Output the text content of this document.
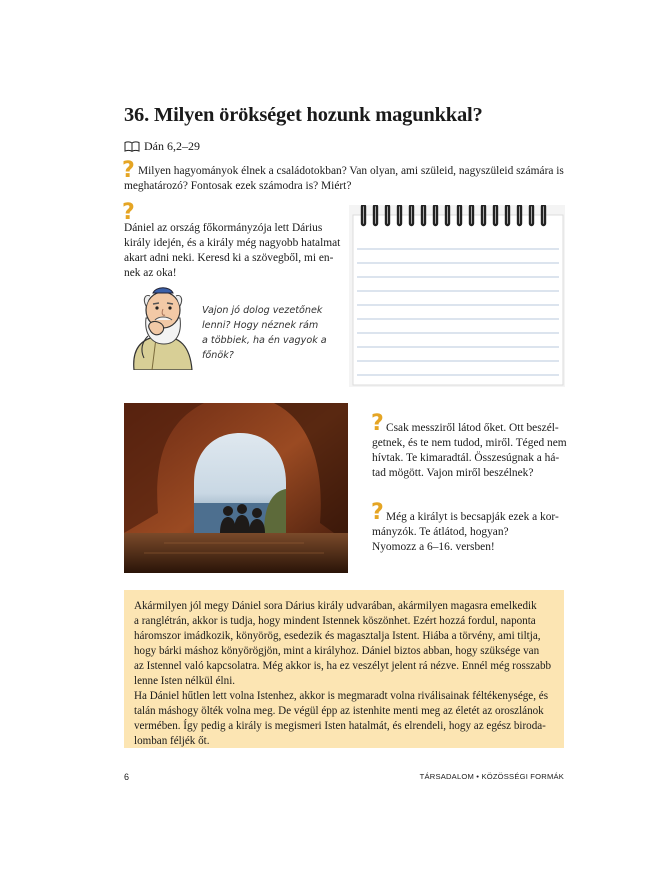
36. Milyen örökséget hozunk magunkkal?
Dán 6,2–29
? Milyen hagyományok élnek a családotokban? Van olyan, ami szüleid, nagyszüleid számára is
meghatározó? Fontosak ezek számodra is? Miért?
?
Dániel az ország főkormányzója lett Dárius
király idején, és a király még nagyobb hatalmat
akart adni neki. Keresd ki a szövegből, mi en-
nek az oka!
Vajon jó dolog vezetőnek
lenni? Hogy néznek rám
a többiek, ha én vagyok a
főnök?
? Csak messziről látod őket. Ott beszél-
getnek, és te nem tudod, miről. Téged nem
hívtak. Te kimaradtál. Összesúgnak a há-
tad mögött. Vajon miről beszélnek?
? Még a királyt is becsapják ezek a kor-
mányzók. Te átlátod, hogyan?
Nyomozz a 6–16. versben!

Akármilyen jól megy Dániel sora Dárius király udvarában, akármilyen magasra emelkedik
a ranglétrán, akkor is tudja, hogy mindent Istennek köszönhet. Ezért hozzá fordul, naponta
háromszor imádkozik, könyörög, esedezik és magasztalja Istent. Hiába a törvény, ami tiltja,
hogy bárki máshoz könyörögjön, mint a királyhoz. Dániel biztos abban, hogy szüksége van
az Istennel való kapcsolatra. Még akkor is, ha ez veszélyt jelent rá nézve. Ennél még rosszabb
lenne Isten nélkül élni.
Ha Dániel hűtlen lett volna Istenhez, akkor is megmaradt volna riválisainak féltékenysége, és
talán máshogy ölték volna meg. De végül épp az istenhite menti meg az életét az oroszlánok
vermében. Így pedig a király is megismeri Isten hatalmát, és elrendeli, hogy az egész biroda-
lomban féljék őt.

6	TÁRSADALOM • KÖZÖSSÉGI FORMÁK
